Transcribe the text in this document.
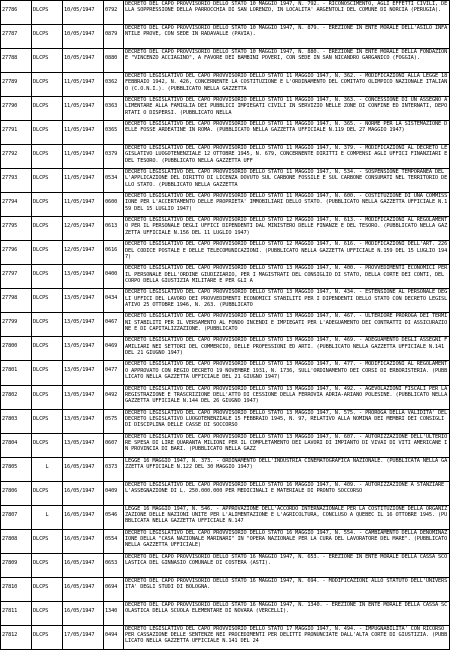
27786	DLCPS	10/05/1947	0792	DECRETO DEL CAPO PROVVISORIO DELLO STATO 10 MAGGIO 1947, N. 792. - RICONOSCIMENTO, AGLI EFFETTI CIVILI, DELLA SOPPRESSIONE DELLA PARROCCHIA DI SAN LORENZO, IN LOCALITA' ARGENTOLI DEL COMUNE DI NORCIA (PERUGIA).

27787	DLCPS	10/05/1947	0879	DECRETO DEL CAPO PROVVISORIO DELLO STATO 10 MAGGIO 1947, N. 879. - EREZIONE IN ENTE MORALE DELL'ASILO INFANTILE PROVE, CON SEDE IN RADAVALLE (PAVIA).

27788	DLCPS	10/05/1947	0880	DECRETO DEL CAPO PROVVISORIO DELLO STATO 10 MAGGIO 1947, N. 880. - EREZIONE IN ENTE MORALE DELLA FONDAZIONE "VINCENZO ACCIAGINO", A FAVORE DEI BAMBINI POVERI, CON SEDE IN SAN NICANDRO GARGANICO (FOGGIA).

27789	DLCPS	11/05/1947	0362	DECRETO LEGISLATIVO DEL CAPO PROVVISORIO DELLO STATO 11 MAGGIO 1947, N. 362. - MODIFICAZIONI ALLA LEGGE 18 FEBBRAIO 1942, N. 426, CONCERNENTE LA COSTITUZIONE E L'ORDINAMENTO DEL COMITATO OLIMPICO NAZIONALE ITALIANO (C.O.N.I.). (PUBBLICATO NELLA GAZZETTA

27790	DLCPS	11/05/1947	0363	DECRETO LEGISLATIVO DEL CAPO PROVVISORIO DELLO STATO 11 MAGGIO 1947, N. 363. - CONCESSIONE DI UN ASSEGNO ALIMENTARE ALLA FAMIGLIA DEI PUBBLICI IMPIEGATI CIVILI IN SERVIZIO NELLE ZONE DI CONFINE ED INTERNATI, DEPORTATI O DISPERSI. (PUBBLICATO NELLA

27791	DLCPS	11/05/1947	0365	DECRETO LEGISLATIVO DEL CAPO PROVVISORIO DELLO STATO 11 MAGGIO 1947, N. 365. - NORME PER LA SISTEMAZIONE DELLE FOSSE ARDEATINE IN ROMA. (PUBBLICATO NELLA GAZZETTA UFFICIALE N.119 DEL 27 MAGGIO 1947)

27792	DLCPS	11/05/1947	0379	DECRETO LEGISLATIVO DEL CAPO PROVVISORIO DELLO STATO 11 MAGGIO 1947, N. 379. - MODIFICAZIONI AL DECRETO LEGISLATIVO LUOGOTENENZIALE 12 OTTOBRE 1945, N. 679, CONCERNENTE DIRITTI E COMPENSI AGLI UFFICI FINANZIARI E DEL TESORO. (PUBBLICATO NELLA GAZZETTA UFF

27793	DLCPS	11/05/1947	0534	DECRETO LEGISLATIVO DEL CAPO PROVVISORIO DELLO STATO 11 MAGGIO 1947, N. 534. - SOSPENSIONE TEMPORANEA DELL'APPLICAZIONE DEL DIRITTO DI LICENZA DOVUTO SUL CARBONE FOSSILE E SUL CARBONE CONSUMATI NEL TERRITORIO DELLO STATO. (PUBBLICATO NELLA GAZZETTA

27794	DLCPS	11/05/1947	0600	DECRETO LEGISLATIVO DEL CAPO PROVVISORIO DELLO STATO 11 MAGGIO 1947, N. 600. - COSTITUZIONE DI UNA COMMISSIONE PER L'ACCERTAMENTO DELLE PROPRIETA' IMMOBILIARI DELLO STATO. (PUBBLICATO NELLA GAZZETTA UFFICIALE N.159 DEL 15 LUGLIO 1947)

27795	DLCPS	12/05/1947	0613	DECRETO LEGISLATIVO DEL CAPO PROVVISORIO DELLO STATO 12 MAGGIO 1947, N. 613. - MODIFICAZIONI AL REGOLAMENTO PER IL PERSONALE DEGLI UFFICI DIPENDENTI DAL MINISTERO DELLE FINANZE E DEL TESORO. (PUBBLICATO NELLA GAZZETTA UFFICIALE N.156 DEL 11 LUGLIO 1947)

27796	DLCPS	12/05/1947	0616	DECRETO LEGISLATIVO DEL CAPO PROVVISORIO DELLO STATO 12 MAGGIO 1947, N. 616. - MODIFICAZIONI DELL'ART. 226 DEL CODICE POSTALE E DELLE TELECOMUNICAZIONI. (PUBBLICATO NELLA GAZZETTA UFFICIALE N.159 DEL 15 LUGLIO 1947)

27797	DLCPS	13/05/1947	0400	DECRETO LEGISLATIVO DEL CAPO PROVVISORIO DELLO STATO 13 MAGGIO 1947, N. 400. - PROVVEDIMENTI ECONOMICI PER IL PERSONALE DELL'ORDINE GIUDIZIARIO, PER I MAGISTRATI DEL CONSIGLIO DI STATO, DELLA CORTE DEI CONTI, DEL CORPO DELLA GIUSTIZIA MILITARE E PER GLI A

27798	DLCPS	13/05/1947	0434	DECRETO LEGISLATIVO DEL CAPO PROVVISORIO DELLO STATO 13 MAGGIO 1947, N. 434. - ESTENSIONE AL PERSONALE DEGLI UFFICI DEL LAVORO DEI PROVVEDIMENTI ECONOMICI STABILITI PER I DIPENDENTI DELLO STATO CON DECRETO LEGISLATIVO 25 OTTOBRE 1946, N. 263. (PUBBLICATO

27799	DLCPS	13/05/1947	0467	DECRETO LEGISLATIVO DEL CAPO PROVVISORIO DELLO STATO 13 MAGGIO 1947, N. 467. - ULTERIORE PROROGA DEI TERMINI STABILITI PER IL VERSAMENTO AL FONDO INCENDI E IMPIEGATI PER L'ADEGUAMENTO DEI CONTRATTI DI ASSICURAZIONE E DI CAPITALIZZAZIONE. (PUBBLICATO

27800	DLCPS	13/05/1947	0469	DECRETO LEGISLATIVO DEL CAPO PROVVISORIO DELLO STATO 13 MAGGIO 1947, N. 469. - ADEGUAMENTO DEGLI ASSEGNI FAMILIARI NEI SETTORI DEL COMMERCIO, DELLE PROFESSIONI ED ARTI. (PUBBLICATO NELLA GAZZETTA UFFICIALE N.141 DEL 21 GIUGNO 1947)

27801	DLCPS	13/05/1947	0477	DECRETO LEGISLATIVO DEL CAPO PROVVISORIO DELLO STATO 13 MAGGIO 1947, N. 477. - MODIFICAZIONI AL REGOLAMENTO APPROVATO CON REGIO DECRETO 19 NOVEMBRE 1931, N. 1736, SULL'ORDINAMENTO DEI CORSI DI ERBORISTERIA. (PUBBLICATO NELLA GAZZETTA UFFICIALE DEL 21 GIUGNO 1947)

27802	DLCPS	13/05/1947	0492	DECRETO LEGISLATIVO DEL CAPO PROVVISORIO DELLO STATO 13 MAGGIO 1947, N. 492. - AGEVOLAZIONI FISCALI PER LA REGISTRAZIONE E TRASCRIZIONE DELL'ATTO DI CESSIONE DELLA FERROVIA ADRIA-ARIANO POLESINE. (PUBBLICATO NELLA GAZZETTA UFFICIALE N.144 DEL 26 GIUGNO 1947)

27803	DLCPS	13/05/1947	0575	DECRETO LEGISLATIVO DEL CAPO PROVVISORIO DELLO STATO 13 MAGGIO 1947, N. 575. - PROROGA DELLA VALIDITA' DEL DECRETO LEGISLATIVO LUOGOTENENZIALE 15 FEBBRAIO 1945, N. 97, RELATIVO ALLA NOMINA DEI MEMBRI DEI CONSIGLI DI DISCIPLINA DELLE CASSE DI SOCCORSO

27804	DLCPS	13/05/1947	0607	DECRETO LEGISLATIVO DEL CAPO PROVVISORIO DELLO STATO 13 MAGGIO 1947, N. 607. - AUTORIZZAZIONE DELL'ULTERIORE SPESA DI LIRE QUARANTA MILIONI PER IL COMPLETAMENTO DEI LAVORI DI IMPIANTO DI VIVAI DI VITI AMERICANE IN PROVINCIA DI BARI. (PUBBLICATO NELLA GAZZ

27805	L	16/05/1947	0373	LEGGE 16 MAGGIO 1947, N. 373. - ORDINAMENTO DELL'INDUSTRIA CINEMATOGRAFICA NAZIONALE. (PUBBLICATA NELLA GAZZETTA UFFICIALE N.122 DEL 30 MAGGIO 1947)

27806	DLCPS	16/05/1947	0409	DECRETO LEGISLATIVO DEL CAPO PROVVISORIO DELLO STATO 16 MAGGIO 1947, N. 409. - AUTORIZZAZIONE A STANZIARE L'ASSEGNAZIONE DI L. 250.000.000 PER MEDICINALI E MATERIALE DI PRONTO SOCCORSO

27807	L	16/05/1947	0546	LEGGE 16 MAGGIO 1947, N. 546. - APPROVAZIONE DELL'ACCORDO INTERNAZIONALE PER LA COSTITUZIONE DELLA ORGANIZZAZIONE DELLE NAZIONI UNITE PER L'ALIMENTAZIONE E L'AGRICOLTURA, CONCLUSO A QUEBEC IL 16 OTTOBRE 1945. (PUBBLICATA NELLA GAZZETTA UFFICIALE N.147

27808	DLCPS	16/05/1947	0554	DECRETO LEGISLATIVO DEL CAPO PROVVISORIO DELLO STATO 16 MAGGIO 1947, N. 554. - CAMBIAMENTO DELLA DENOMINAZIONE DELLA "CASA NAZIONALE MARINARI" IN "OPERA NAZIONALE PER LA CURA DEL LAVORATORE DEL MARE". (PUBBLICATO NELLA GAZZETTA UFFICIALE)

27809	DLCPS	16/05/1947	0653	DECRETO DEL CAPO PROVVISORIO DELLO STATO 16 MAGGIO 1947, N. 653. - EREZIONE IN ENTE MORALE DELLA CASSA SCOLASTICA DEL GINNASIO COMUNALE DI COSTERA (ASTI).

27810	DLCPS	16/05/1947	0694	DECRETO DEL CAPO PROVVISORIO DELLO STATO 16 MAGGIO 1947, N. 694. - MODIFICAZIONI ALLO STATUTO DELL'UNIVERSITA' DEGLI STUDI DI BOLOGNA.

27811	DLCPS	16/05/1947	1340	DECRETO DEL CAPO PROVVISORIO DELLO STATO 16 MAGGIO 1947, N. 1340. - EREZIONE IN ENTE MORALE DELLA CASSA SCOLASTICA DELLA SCUOLA ELEMENTARE DI NOVARA (VERCELLI).

27812	DLCPS	17/05/1947	0494	DECRETO LEGISLATIVO DEL CAPO PROVVISORIO DELLO STATO 17 MAGGIO 1947, N. 494. - IMPUGNABILITA' CON RICORSO PER CASSAZIONE DELLE SENTENZE NEI PROCEDIMENTI PER DELITTI PRONUNCIATE DALL'ALTA CORTE DI GIUSTIZIA. (PUBBLICATO NELLA GAZZETTA UFFICIALE N.141 DEL 24
